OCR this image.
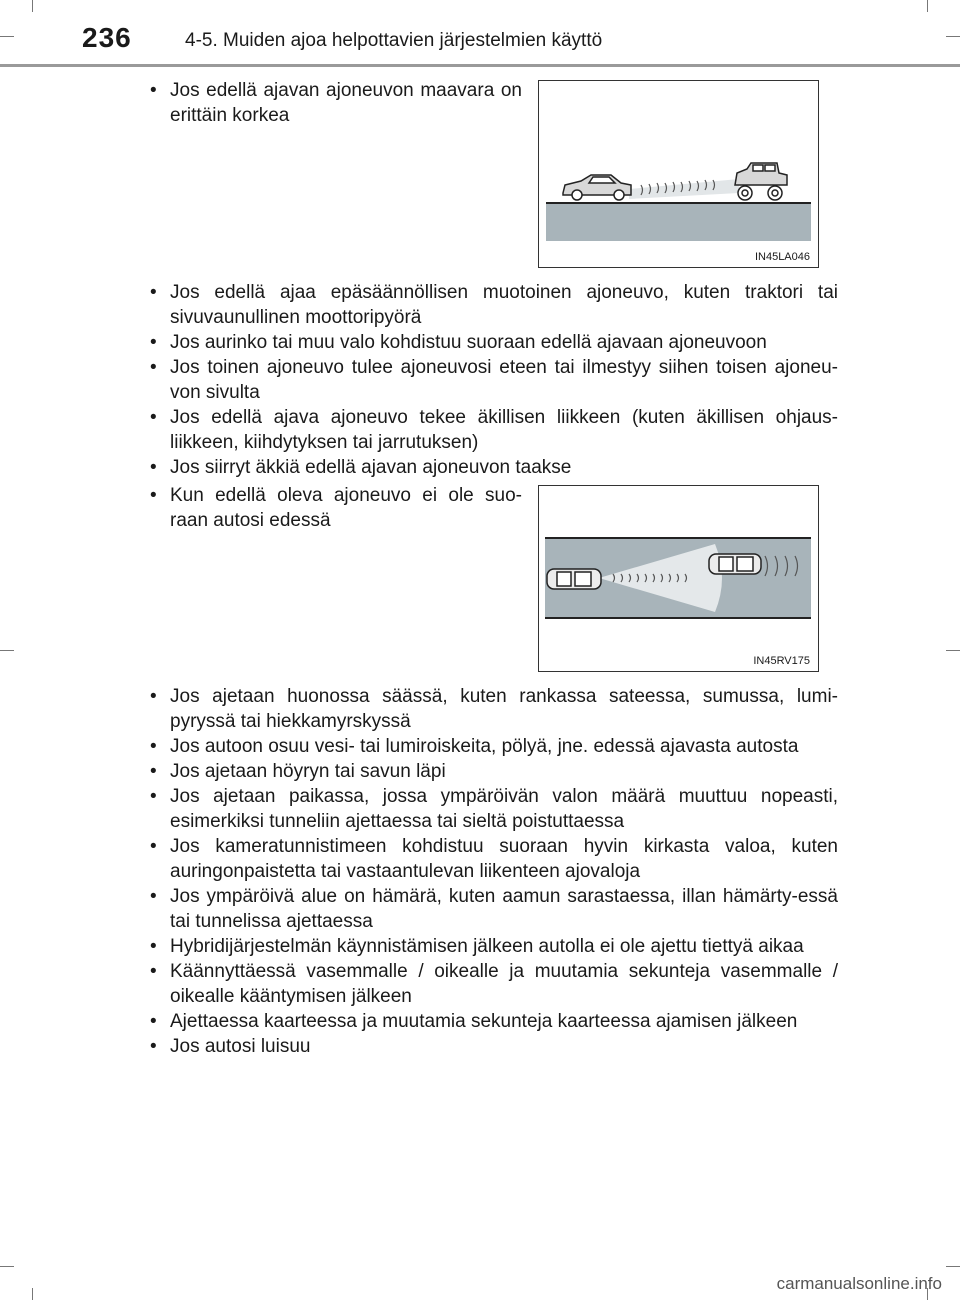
236	4-5. Muiden ajoa helpottavien järjestelmien käyttö
• Jos edellä ajavan ajoneuvon maavara on erittäin korkea
IN45LA046
• Jos edellä ajaa epäsäännöllisen muotoinen ajoneuvo, kuten traktori tai sivuvaunullinen moottoripyörä
• Jos aurinko tai muu valo kohdistuu suoraan edellä ajavaan ajoneuvoon
• Jos toinen ajoneuvo tulee ajoneuvosi eteen tai ilmestyy siihen toisen ajoneu-von sivulta
• Jos edellä ajava ajoneuvo tekee äkillisen liikkeen (kuten äkillisen ohjaus-liikkeen, kiihdytyksen tai jarrutuksen)
• Jos siirryt äkkiä edellä ajavan ajoneuvon taakse
• Kun edellä oleva ajoneuvo ei ole suo-raan autosi edessä
IN45RV175
• Jos ajetaan huonossa säässä, kuten rankassa sateessa, sumussa, lumi-pyryssä tai hiekkamyrskyssä
• Jos autoon osuu vesi- tai lumiroiskeita, pölyä, jne. edessä ajavasta autosta
• Jos ajetaan höyryn tai savun läpi
• Jos ajetaan paikassa, jossa ympäröivän valon määrä muuttuu nopeasti, esimerkiksi tunneliin ajettaessa tai sieltä poistuttaessa
• Jos kameratunnistimeen kohdistuu suoraan hyvin kirkasta valoa, kuten auringonpaistetta tai vastaantulevan liikenteen ajovaloja
• Jos ympäröivä alue on hämärä, kuten aamun sarastaessa, illan hämärty-essä tai tunnelissa ajettaessa
• Hybridijärjestelmän käynnistämisen jälkeen autolla ei ole ajettu tiettyä aikaa
• Käännyttäessä vasemmalle / oikealle ja muutamia sekunteja vasemmalle / oikealle kääntymisen jälkeen
• Ajettaessa kaarteessa ja muutamia sekunteja kaarteessa ajamisen jälkeen
• Jos autosi luisuu
carmanualsonline.info
